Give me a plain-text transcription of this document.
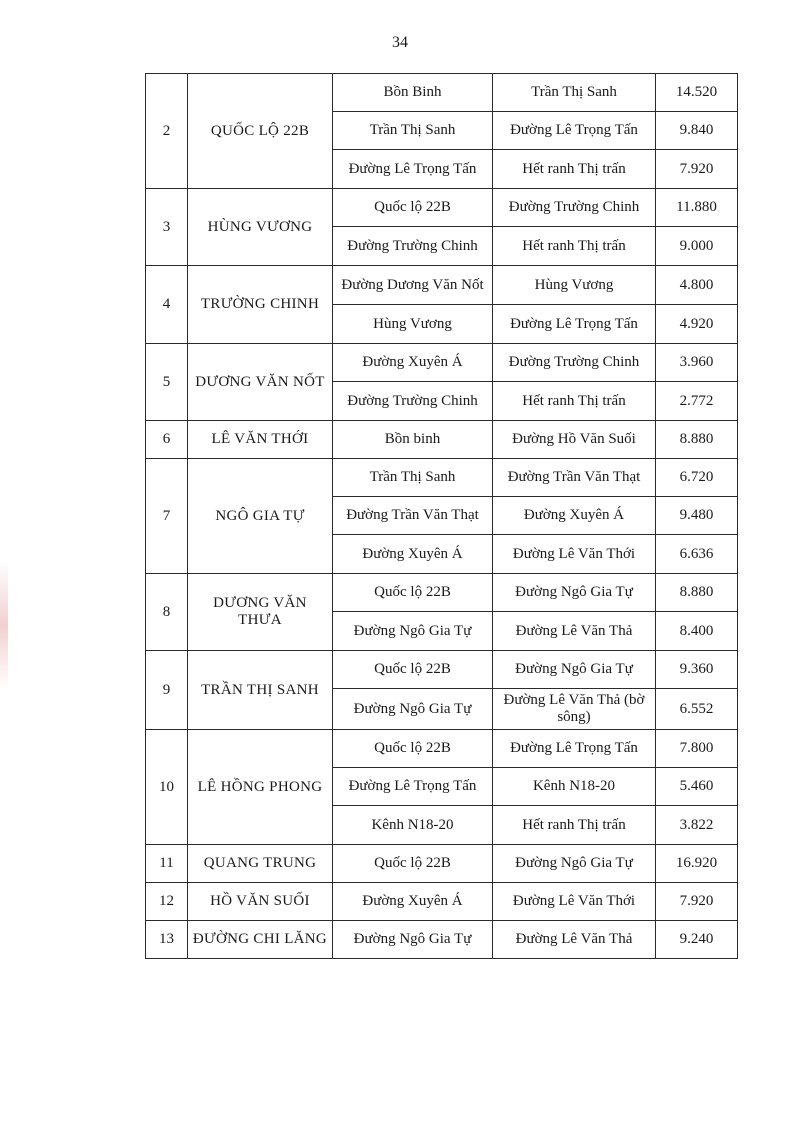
34
2	QUỐC LỘ 22B	Bồn Binh	Trần Thị Sanh	14.520
		Trần Thị Sanh	Đường Lê Trọng Tấn	9.840
		Đường Lê Trọng Tấn	Hết ranh Thị trấn	7.920
3	HÙNG VƯƠNG	Quốc lộ 22B	Đường Trường Chinh	11.880
		Đường Trường Chinh	Hết ranh Thị trấn	9.000
4	TRƯỜNG CHINH	Đường Dương Văn Nốt	Hùng Vương	4.800
		Hùng Vương	Đường Lê Trọng Tấn	4.920
5	DƯƠNG VĂN NỐT	Đường Xuyên Á	Đường Trường Chinh	3.960
		Đường Trường Chinh	Hết ranh Thị trấn	2.772
6	LÊ VĂN THỚI	Bồn binh	Đường Hồ Văn Suối	8.880
7	NGÔ GIA TỰ	Trần Thị Sanh	Đường Trần Văn Thạt	6.720
		Đường Trần Văn Thạt	Đường Xuyên Á	9.480
		Đường Xuyên Á	Đường Lê Văn Thới	6.636
8	DƯƠNG VĂN THƯA	Quốc lộ 22B	Đường Ngô Gia Tự	8.880
		Đường Ngô Gia Tự	Đường Lê Văn Thả	8.400
9	TRẦN THỊ SANH	Quốc lộ 22B	Đường Ngô Gia Tự	9.360
		Đường Ngô Gia Tự	Đường Lê Văn Thả (bờ sông)	6.552
10	LÊ HỒNG PHONG	Quốc lộ 22B	Đường Lê Trọng Tấn	7.800
		Đường Lê Trọng Tấn	Kênh N18-20	5.460
		Kênh N18-20	Hết ranh Thị trấn	3.822
11	QUANG TRUNG	Quốc lộ 22B	Đường Ngô Gia Tự	16.920
12	HỒ VĂN SUỐI	Đường Xuyên Á	Đường Lê Văn Thới	7.920
13	ĐƯỜNG CHI LĂNG	Đường Ngô Gia Tự	Đường Lê Văn Thả	9.240
